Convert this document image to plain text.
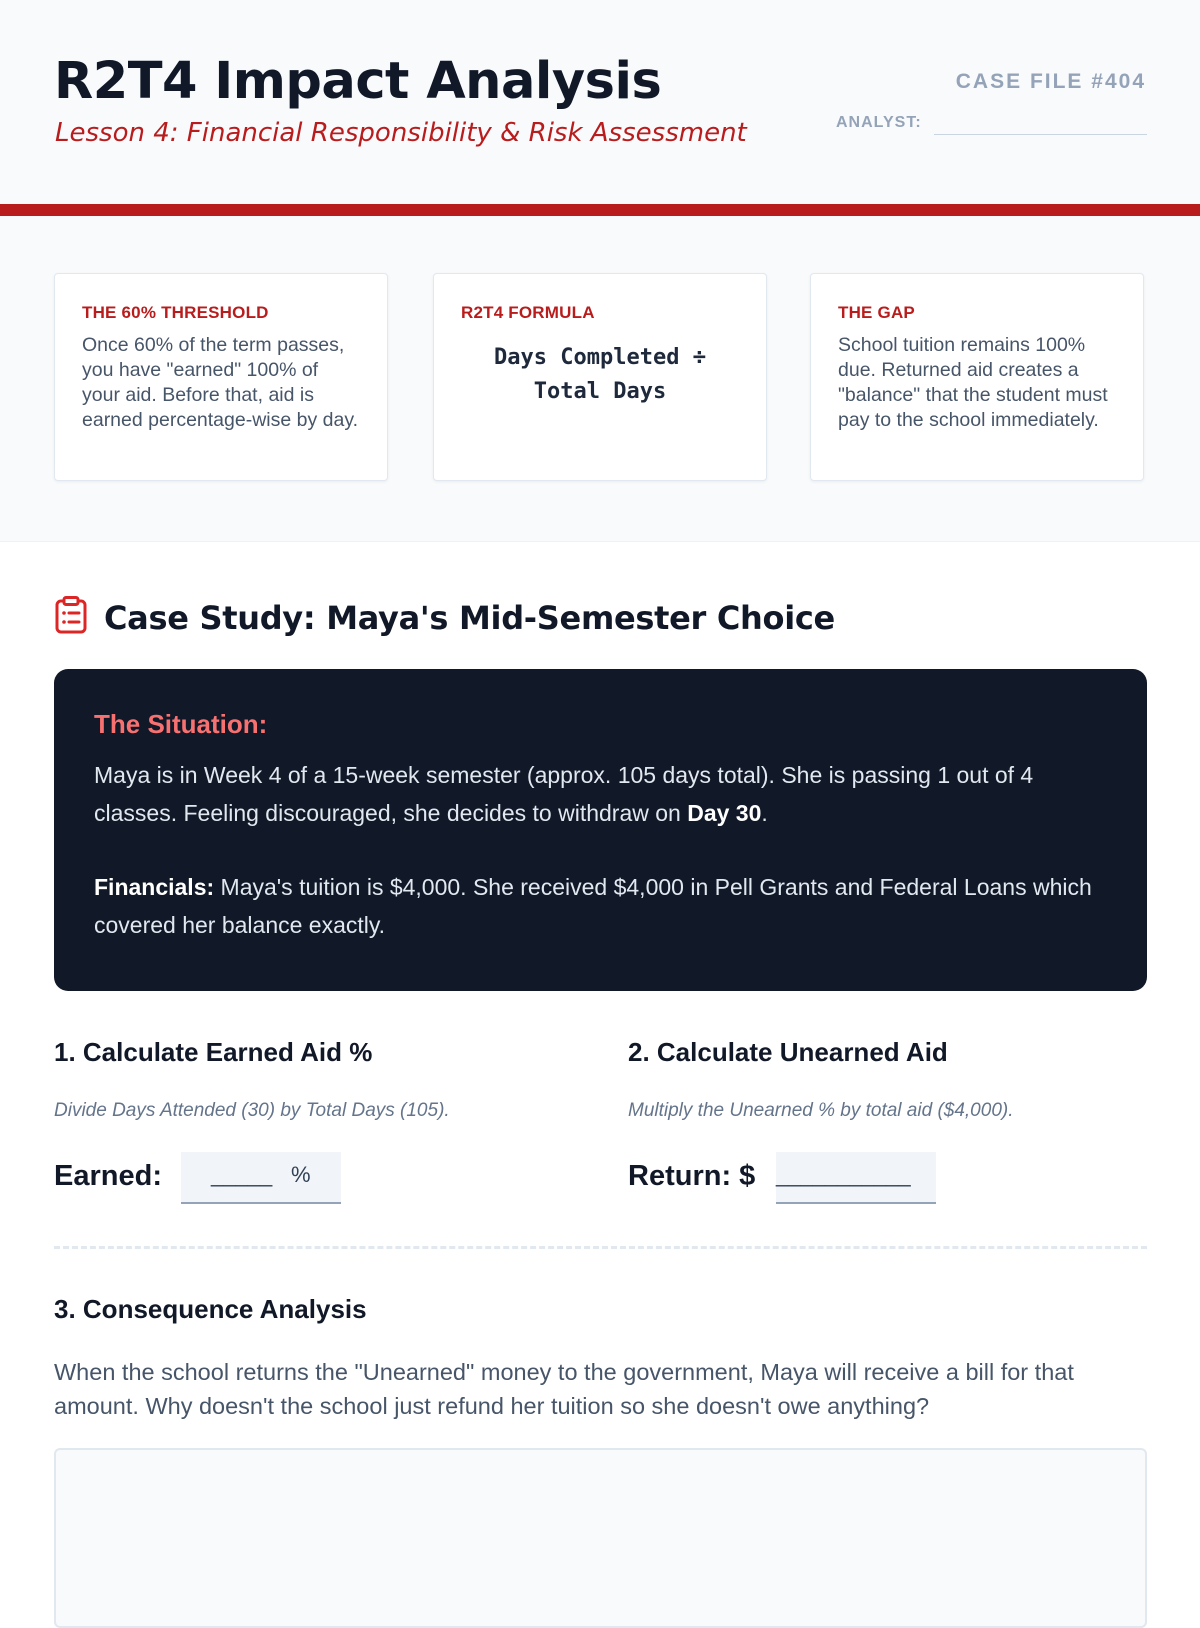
R2T4 Impact Analysis
Lesson 4: Financial Responsibility & Risk Assessment
CASE FILE #404
ANALYST:
THE 60% THRESHOLD
Once 60% of the term passes, you have "earned" 100% of your aid. Before that, aid is earned percentage-wise by day.
R2T4 FORMULA
Days Completed ÷
Total Days
THE GAP
School tuition remains 100% due. Returned aid creates a "balance" that the student must pay to the school immediately.
Case Study: Maya's Mid-Semester Choice
The Situation:

Maya is in Week 4 of a 15-week semester (approx. 105 days total). She is passing 1 out of 4 classes. Feeling discouraged, she decides to withdraw on Day 30.

Financials: Maya's tuition is $4,000. She received $4,000 in Pell Grants and Federal Loans which covered her balance exactly.

1. Calculate Earned Aid %
Divide Days Attended (30) by Total Days (105).
Earned: _____ %
2. Calculate Unearned Aid
Multiply the Unearned % by total aid ($4,000).
Return: $ ___________
3. Consequence Analysis

When the school returns the "Unearned" money to the government, Maya will receive a bill for that amount. Why doesn't the school just refund her tuition so she doesn't owe anything?
